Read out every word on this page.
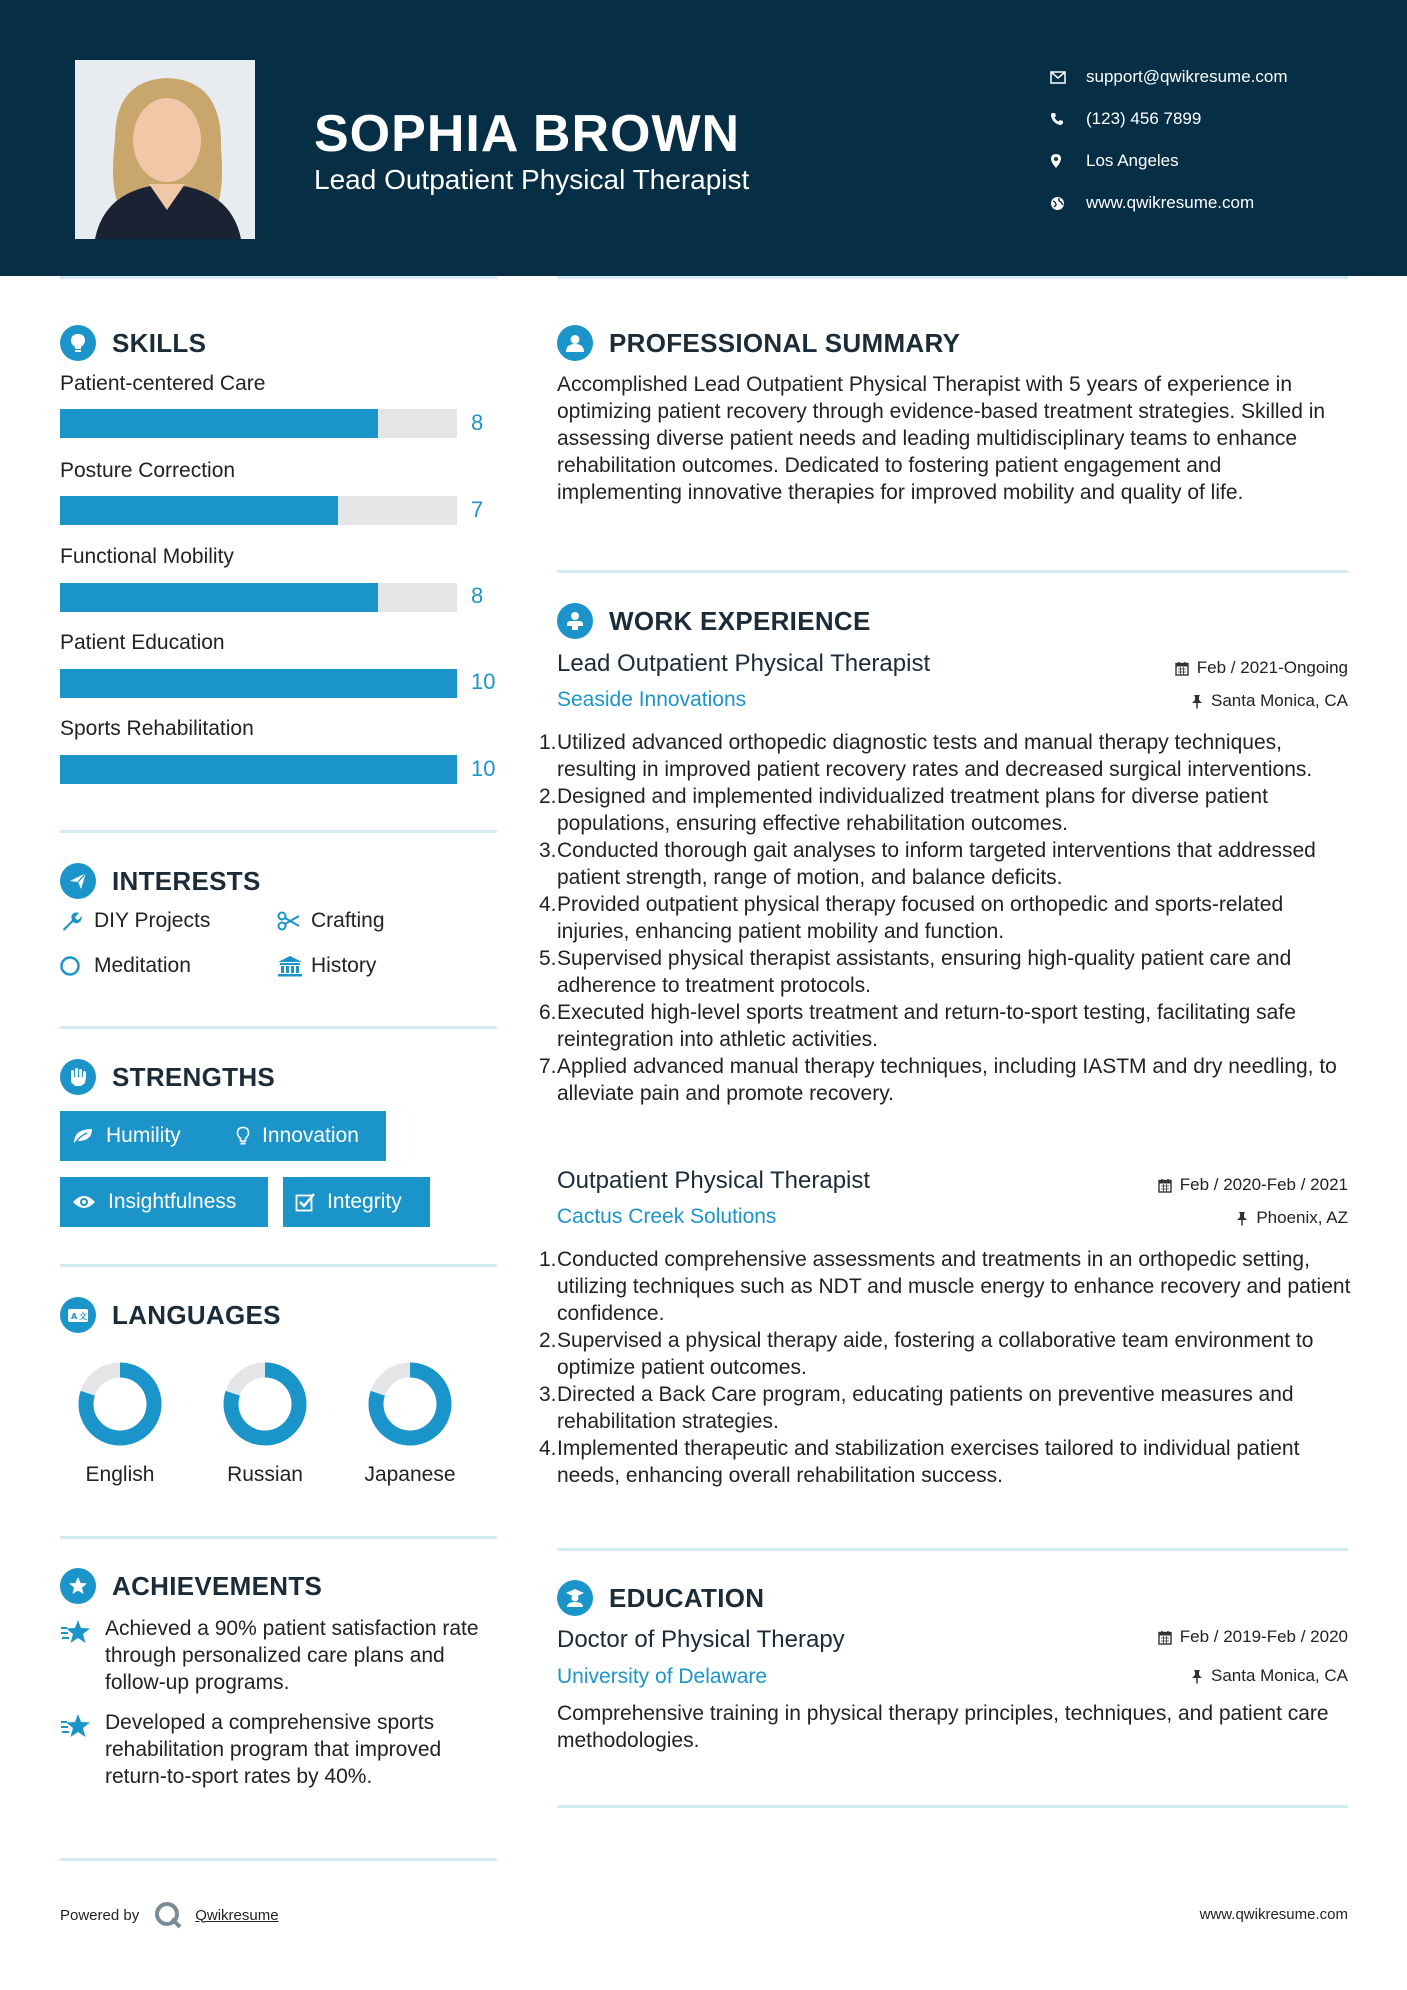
SOPHIA BROWN
Lead Outpatient Physical Therapist
support@qwikresume.com
(123) 456 7899
Los Angeles
www.qwikresume.com
SKILLS
Patient-centered Care
8
Posture Correction
7
Functional Mobility
8
Patient Education
10
Sports Rehabilitation
10
INTERESTS
DIY Projects	Crafting
Meditation	History
STRENGTHS
Humility	Innovation
Insightfulness	Integrity
A 文 LANGUAGES
English	Russian	Japanese
ACHIEVEMENTS
Achieved a 90% patient satisfaction rate through personalized care plans and follow-up programs.
Developed a comprehensive sports rehabilitation program that improved return-to-sport rates by 40%.
PROFESSIONAL SUMMARY
Accomplished Lead Outpatient Physical Therapist with 5 years of experience in optimizing patient recovery through evidence-based treatment strategies. Skilled in assessing diverse patient needs and leading multidisciplinary teams to enhance rehabilitation outcomes. Dedicated to fostering patient engagement and implementing innovative therapies for improved mobility and quality of life.
WORK EXPERIENCE
Lead Outpatient Physical Therapist
Seaside Innovations
Feb / 2021-Ongoing
Santa Monica, CA
1. Utilized advanced orthopedic diagnostic tests and manual therapy techniques, resulting in improved patient recovery rates and decreased surgical interventions.
2. Designed and implemented individualized treatment plans for diverse patient populations, ensuring effective rehabilitation outcomes.
3. Conducted thorough gait analyses to inform targeted interventions that addressed patient strength, range of motion, and balance deficits.
4. Provided outpatient physical therapy focused on orthopedic and sports-related injuries, enhancing patient mobility and function.
5. Supervised physical therapist assistants, ensuring high-quality patient care and adherence to treatment protocols.
6. Executed high-level sports treatment and return-to-sport testing, facilitating safe reintegration into athletic activities.
7. Applied advanced manual therapy techniques, including IASTM and dry needling, to alleviate pain and promote recovery.
Outpatient Physical Therapist
Cactus Creek Solutions
Feb / 2020-Feb / 2021
Phoenix, AZ
1. Conducted comprehensive assessments and treatments in an orthopedic setting, utilizing techniques such as NDT and muscle energy to enhance recovery and patient confidence.
2. Supervised a physical therapy aide, fostering a collaborative team environment to optimize patient outcomes.
3. Directed a Back Care program, educating patients on preventive measures and rehabilitation strategies.
4. Implemented therapeutic and stabilization exercises tailored to individual patient needs, enhancing overall rehabilitation success.
EDUCATION
Doctor of Physical Therapy
University of Delaware
Feb / 2019-Feb / 2020
Santa Monica, CA
Comprehensive training in physical therapy principles, techniques, and patient care methodologies.
Powered by	Qwikresume	www.qwikresume.com
